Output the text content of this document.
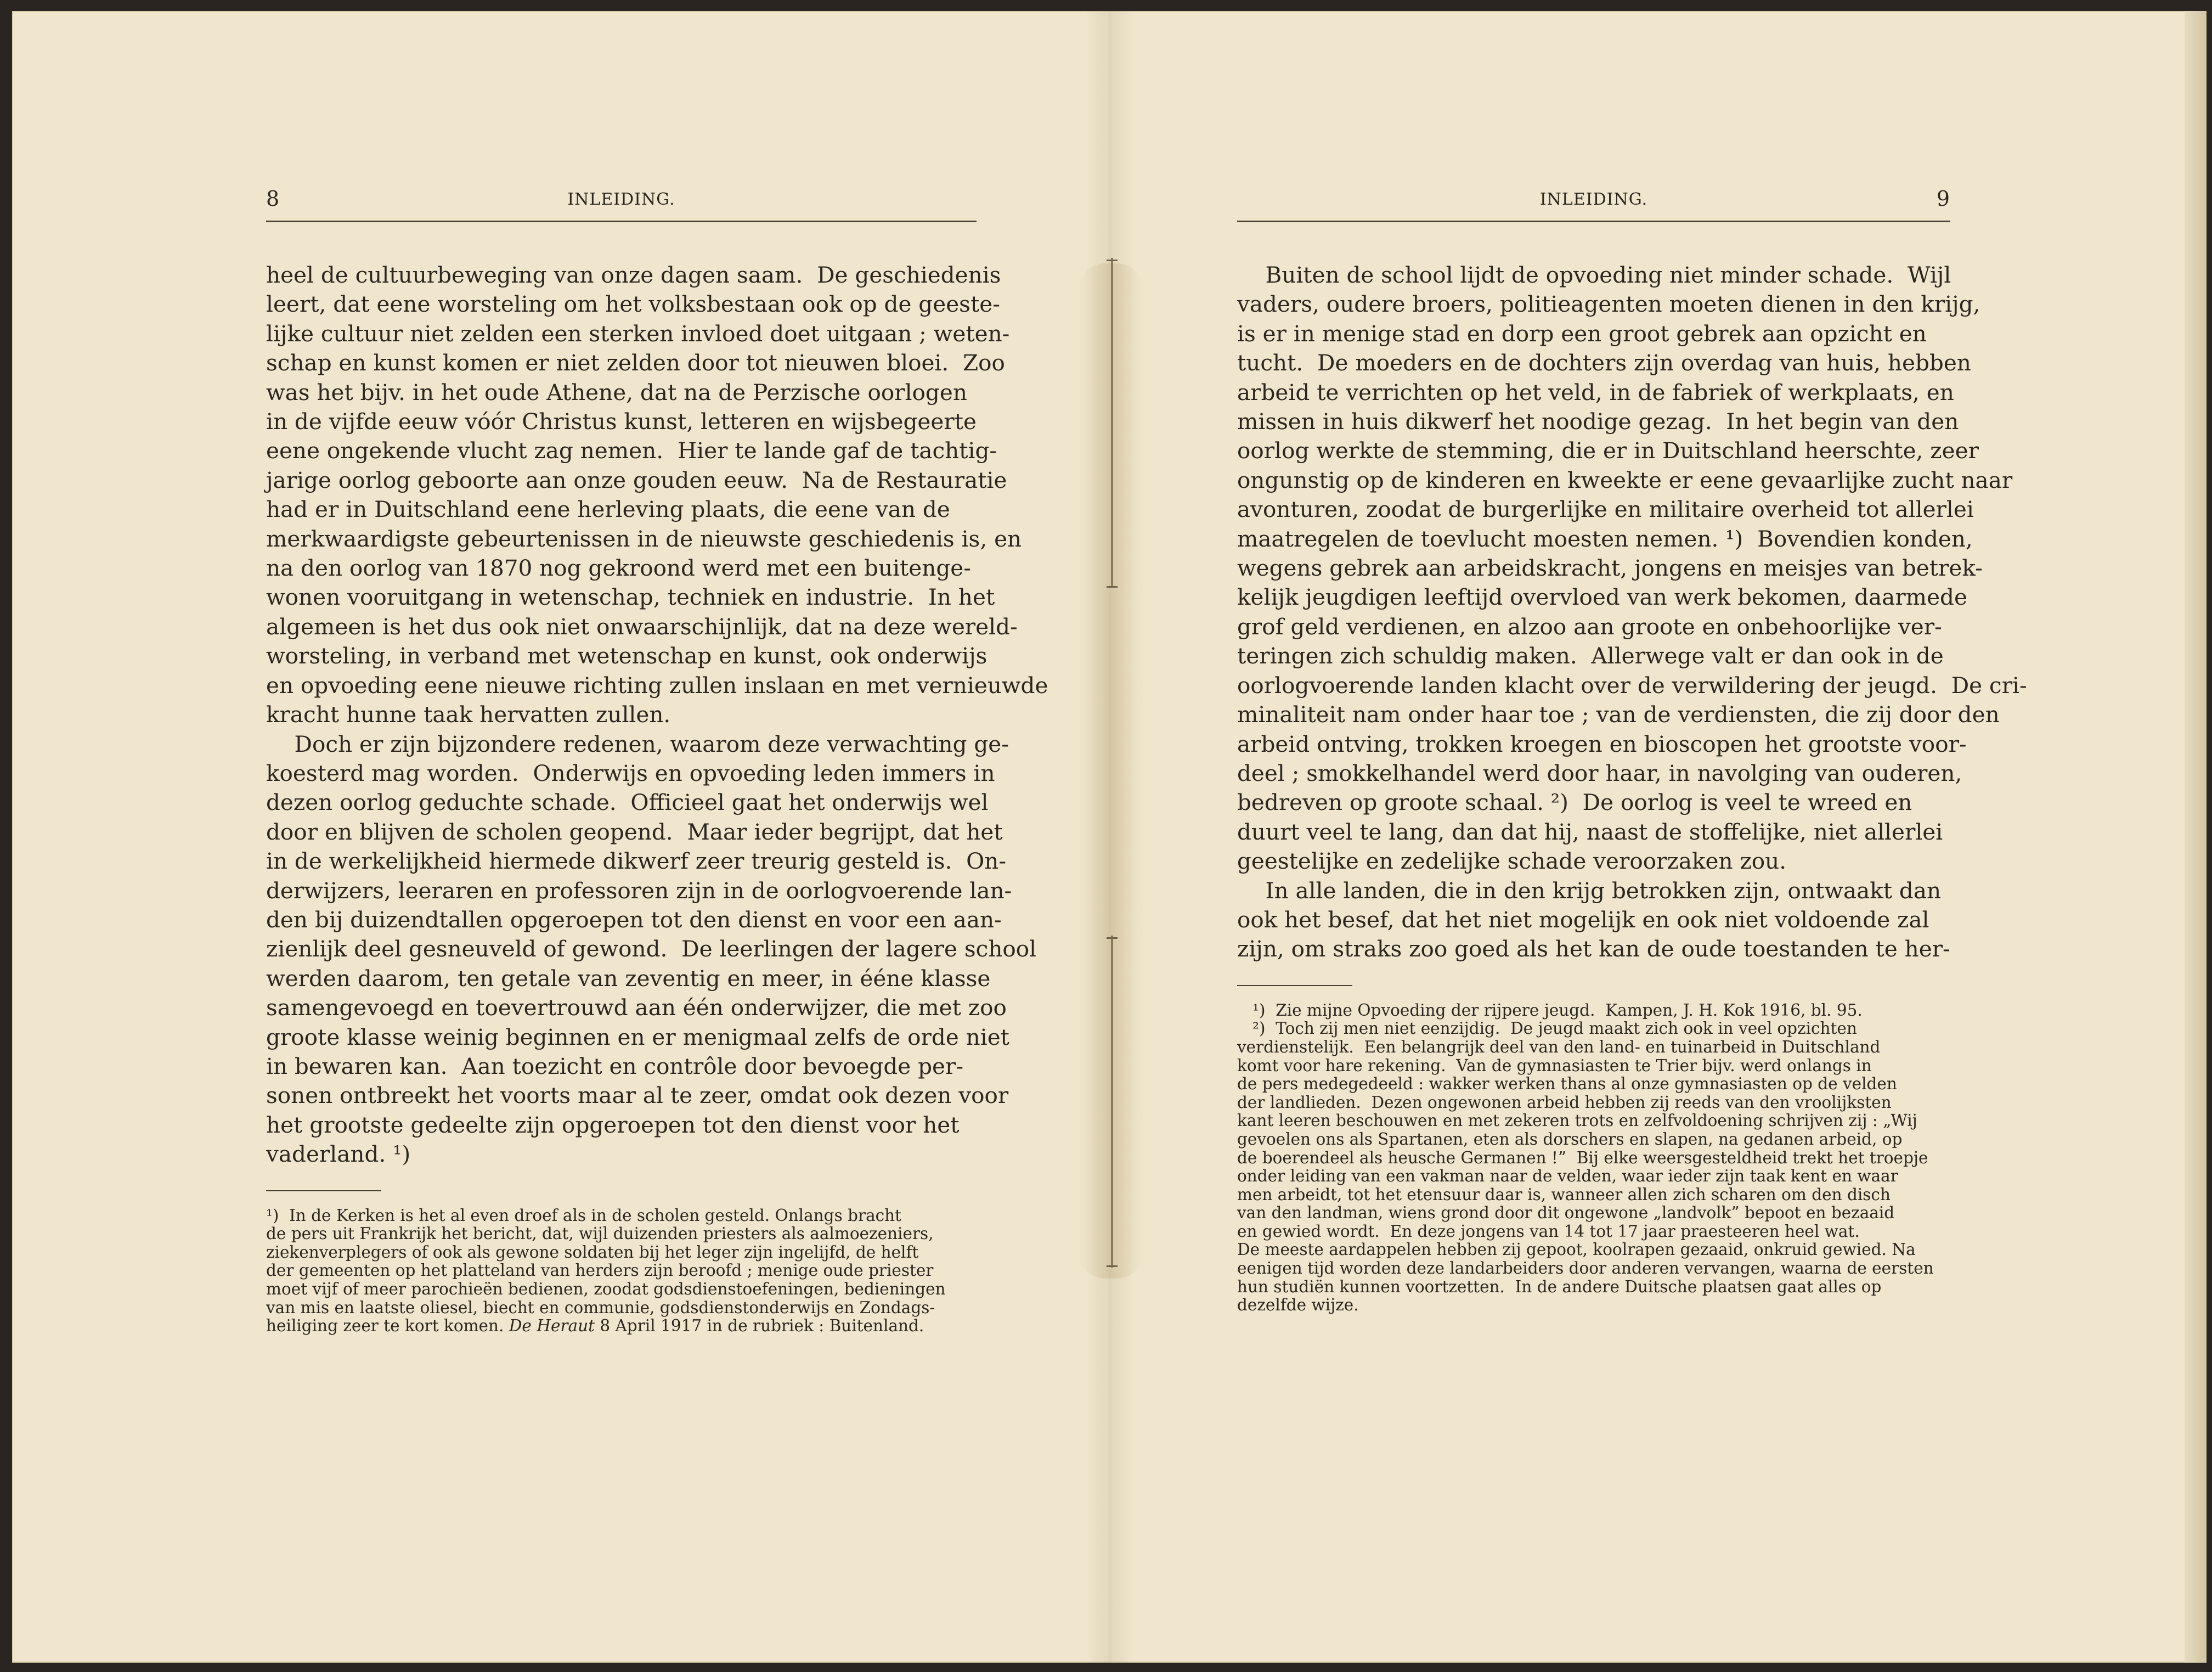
8	INLEIDING.
heel de cultuurbeweging van onze dagen saam.  De geschiedenis
leert, dat eene worsteling om het volksbestaan ook op de geeste-
lijke cultuur niet zelden een sterken invloed doet uitgaan ; weten-
schap en kunst komen er niet zelden door tot nieuwen bloei.  Zoo
was het bijv. in het oude Athene, dat na de Perzische oorlogen
in de vijfde eeuw vóór Christus kunst, letteren en wijsbegeerte
eene ongekende vlucht zag nemen.  Hier te lande gaf de tachtig-
jarige oorlog geboorte aan onze gouden eeuw.  Na de Restauratie
had er in Duitschland eene herleving plaats, die eene van de
merkwaardigste gebeurtenissen in de nieuwste geschiedenis is, en
na den oorlog van 1870 nog gekroond werd met een buitenge-
wonen vooruitgang in wetenschap, techniek en industrie.  In het
algemeen is het dus ook niet onwaarschijnlijk, dat na deze wereld-
worsteling, in verband met wetenschap en kunst, ook onderwijs
en opvoeding eene nieuwe richting zullen inslaan en met vernieuwde
kracht hunne taak hervatten zullen.
Doch er zijn bijzondere redenen, waarom deze verwachting ge-
koesterd mag worden.  Onderwijs en opvoeding leden immers in
dezen oorlog geduchte schade.  Officieel gaat het onderwijs wel
door en blijven de scholen geopend.  Maar ieder begrijpt, dat het
in de werkelijkheid hiermede dikwerf zeer treurig gesteld is.  On-
derwijzers, leeraren en professoren zijn in de oorlogvoerende lan-
den bij duizendtallen opgeroepen tot den dienst en voor een aan-
zienlijk deel gesneuveld of gewond.  De leerlingen der lagere school
werden daarom, ten getale van zeventig en meer, in ééne klasse
samengevoegd en toevertrouwd aan één onderwijzer, die met zoo
groote klasse weinig beginnen en er menigmaal zelfs de orde niet
in bewaren kan.  Aan toezicht en contrôle door bevoegde per-
sonen ontbreekt het voorts maar al te zeer, omdat ook dezen voor
het grootste gedeelte zijn opgeroepen tot den dienst voor het
vaderland. ¹)
¹)  In de Kerken is het al even droef als in de scholen gesteld. Onlangs bracht
de pers uit Frankrijk het bericht, dat, wijl duizenden priesters als aalmoezeniers,
ziekenverplegers of ook als gewone soldaten bij het leger zijn ingelijfd, de helft
der gemeenten op het platteland van herders zijn beroofd ; menige oude priester
moet vijf of meer parochieën bedienen, zoodat godsdienstoefeningen, bedieningen
van mis en laatste oliesel, biecht en communie, godsdienstonderwijs en Zondags-
heiliging zeer te kort komen. De Heraut 8 April 1917 in de rubriek : Buitenland.
INLEIDING.	9
Buiten de school lijdt de opvoeding niet minder schade.  Wijl
vaders, oudere broers, politieagenten moeten dienen in den krijg,
is er in menige stad en dorp een groot gebrek aan opzicht en
tucht.  De moeders en de dochters zijn overdag van huis, hebben
arbeid te verrichten op het veld, in de fabriek of werkplaats, en
missen in huis dikwerf het noodige gezag.  In het begin van den
oorlog werkte de stemming, die er in Duitschland heerschte, zeer
ongunstig op de kinderen en kweekte er eene gevaarlijke zucht naar
avonturen, zoodat de burgerlijke en militaire overheid tot allerlei
maatregelen de toevlucht moesten nemen. ¹)  Bovendien konden,
wegens gebrek aan arbeidskracht, jongens en meisjes van betrek-
kelijk jeugdigen leeftijd overvloed van werk bekomen, daarmede
grof geld verdienen, en alzoo aan groote en onbehoorlijke ver-
teringen zich schuldig maken.  Allerwege valt er dan ook in de
oorlogvoerende landen klacht over de verwildering der jeugd.  De cri-
minaliteit nam onder haar toe ; van de verdiensten, die zij door den
arbeid ontving, trokken kroegen en bioscopen het grootste voor-
deel ; smokkelhandel werd door haar, in navolging van ouderen,
bedreven op groote schaal. ²)  De oorlog is veel te wreed en
duurt veel te lang, dan dat hij, naast de stoffelijke, niet allerlei
geestelijke en zedelijke schade veroorzaken zou.
In alle landen, die in den krijg betrokken zijn, ontwaakt dan
ook het besef, dat het niet mogelijk en ook niet voldoende zal
zijn, om straks zoo goed als het kan de oude toestanden te her-
¹)  Zie mijne Opvoeding der rijpere jeugd.  Kampen, J. H. Kok 1916, bl. 95.
²)  Toch zij men niet eenzijdig.  De jeugd maakt zich ook in veel opzichten
verdienstelijk.  Een belangrijk deel van den land- en tuinarbeid in Duitschland
komt voor hare rekening.  Van de gymnasiasten te Trier bijv. werd onlangs in
de pers medegedeeld : wakker werken thans al onze gymnasiasten op de velden
der landlieden.  Dezen ongewonen arbeid hebben zij reeds van den vroolijksten
kant leeren beschouwen en met zekeren trots en zelfvoldoening schrijven zij : „Wij
gevoelen ons als Spartanen, eten als dorschers en slapen, na gedanen arbeid, op
de boerendeel als heusche Germanen !”  Bij elke weersgesteldheid trekt het troepje
onder leiding van een vakman naar de velden, waar ieder zijn taak kent en waar
men arbeidt, tot het etensuur daar is, wanneer allen zich scharen om den disch
van den landman, wiens grond door dit ongewone „landvolk” bepoot en bezaaid
en gewied wordt.  En deze jongens van 14 tot 17 jaar praesteeren heel wat.
De meeste aardappelen hebben zij gepoot, koolrapen gezaaid, onkruid gewied. Na
eenigen tijd worden deze landarbeiders door anderen vervangen, waarna de eersten
hun studiën kunnen voortzetten.  In de andere Duitsche plaatsen gaat alles op
dezelfde wijze.
